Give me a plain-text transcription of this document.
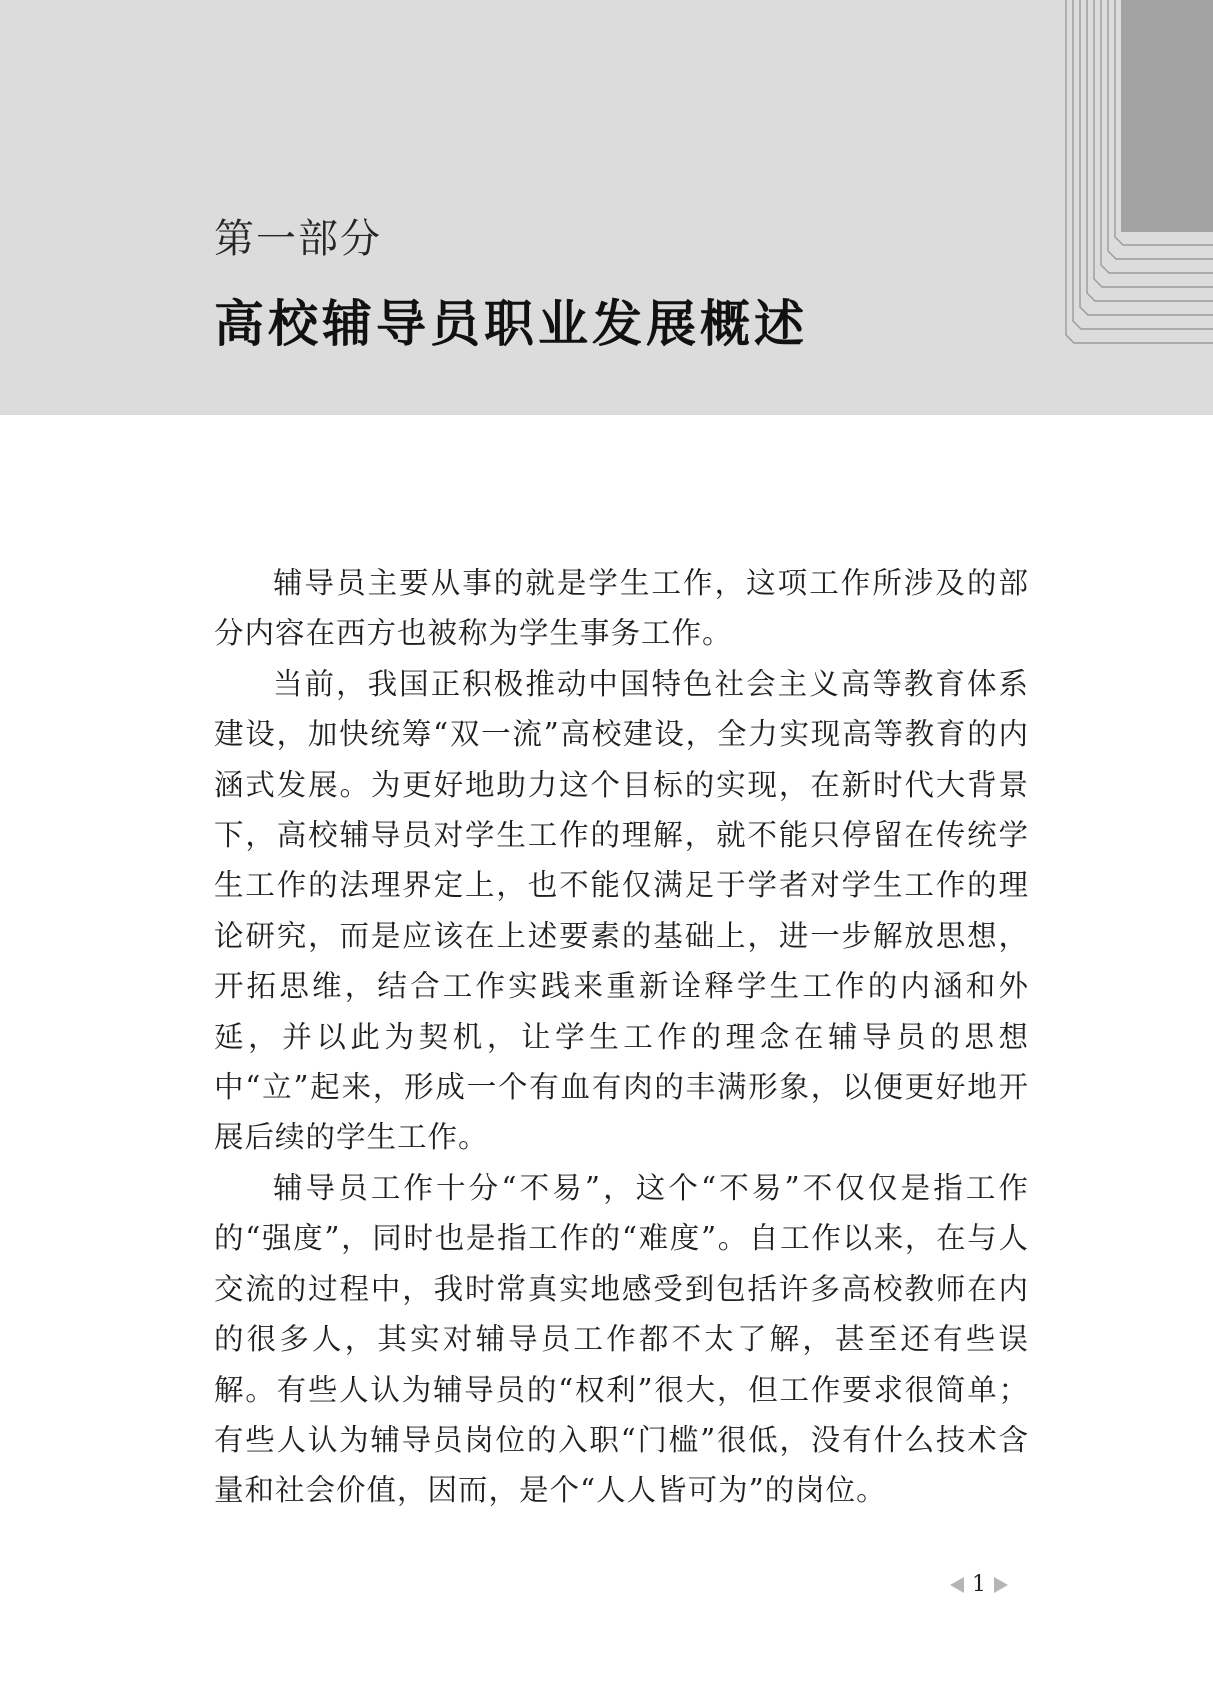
第一部分
高校辅导员职业发展概述

辅导员主要从事的就是学生工作，这项工作所涉及的部分内容在西方也被称为学生事务工作。

当前，我国正积极推动中国特色社会主义高等教育体系建设，加快统筹“双一流”高校建设，全力实现高等教育的内涵式发展。为更好地助力这个目标的实现，在新时代大背景下，高校辅导员对学生工作的理解，就不能只停留在传统学生工作的法理界定上，也不能仅满足于学者对学生工作的理论研究，而是应该在上述要素的基础上，进一步解放思想，开拓思维，结合工作实践来重新诠释学生工作的内涵和外延，并以此为契机，让学生工作的理念在辅导员的思想中“立”起来，形成一个有血有肉的丰满形象，以便更好地开展后续的学生工作。

辅导员工作十分“不易”，这个“不易”不仅仅是指工作的“强度”，同时也是指工作的“难度”。自工作以来，在与人交流的过程中，我时常真实地感受到包括许多高校教师在内的很多人，其实对辅导员工作都不太了解，甚至还有些误解。有些人认为辅导员的“权利”很大，但工作要求很简单；有些人认为辅导员岗位的入职“门槛”很低，没有什么技术含量和社会价值，因而，是个“人人皆可为”的岗位。

1
